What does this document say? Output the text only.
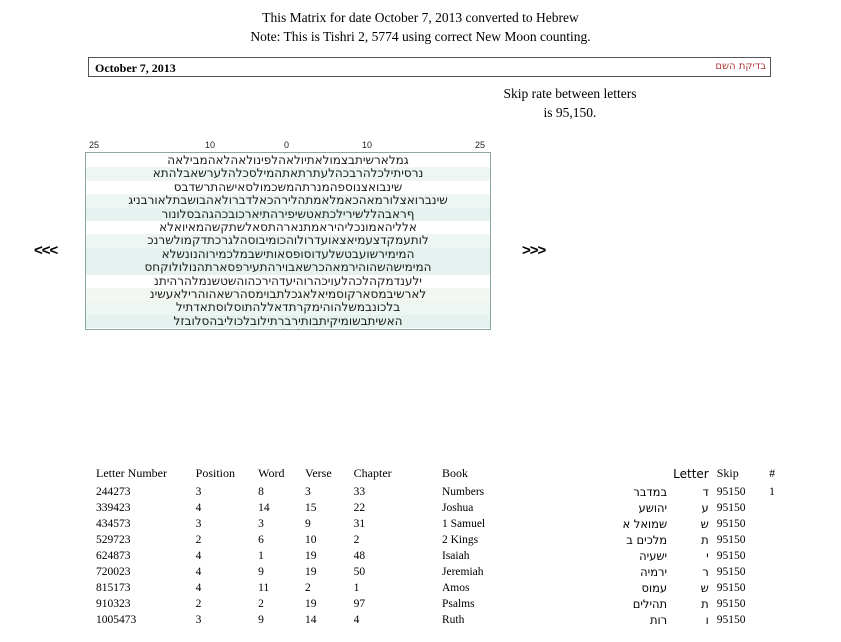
This Matrix for date October 7, 2013 converted to Hebrew
Note: This is Tishri 2, 5774 using correct New Moon counting.
October 7, 2013	בדיקת השם
Skip rate between letters
is 95,150.
<<<	>>>
25	10	0	10	25
גמלארשיתבצמולאתיולאהלפינולאהלאהמבילאה
נרסיתילכלהרבכהלעתרתאתהמילסכלהלערשאבלהתא
שינבואצנוספהמנרתהמשכמולסאישהתרשדבס
שינברואצלורמאהכאמלאמתהלירהכאלדברולאהבושבתלאורבניג
ףראבהללשירילכתאטשיפירהתיארכובכהגהבסלונור
אלליהאמונכליהיראמתנארהתסאלשתקשהמאיואלא
לותעמקדצעמיאצאועדרולוהכומיבוסהלגרכתדקמולשרנכ
המימירשועבטשלעדוסופסאותישבמלכמירוהנונשלא
המימישהשהוהירמאהכרשאבוירהתעירפסארתהנולולוקחס
ילענדמקהלכהלעויכהרוהיעדהירכהוהשטשנמלהרהיתנ
לארשיבמסארקוסמיאלאגכלתבוימסהרשאהוהרילאעשינ
בלכונבמשלהוהימקרתדאללהתוסלוסתאדתיל
האשיתבשומיקיתבותירברתילובלכוליבהסלובזל
Letter Number	Position	Word	Verse	Chapter	Book		Letter	Skip	#
244273	3	8	3	33	Numbers	במדבר	ד	95150	1
339423	4	14	15	22	Joshua	יהושע	ע	95150	
434573	3	3	9	31	1 Samuel	שמואל א	ש	95150	
529723	2	6	10	2	2 Kings	מלכים ב	ת	95150	
624873	4	1	19	48	Isaiah	ישעיה	י	95150	
720023	4	9	19	50	Jeremiah	ירמיה	ר	95150	
815173	4	11	2	1	Amos	עמוס	ש	95150	
910323	2	2	19	97	Psalms	תהילים	ת	95150	
1005473	3	9	14	4	Ruth	רות	ו	95150	
